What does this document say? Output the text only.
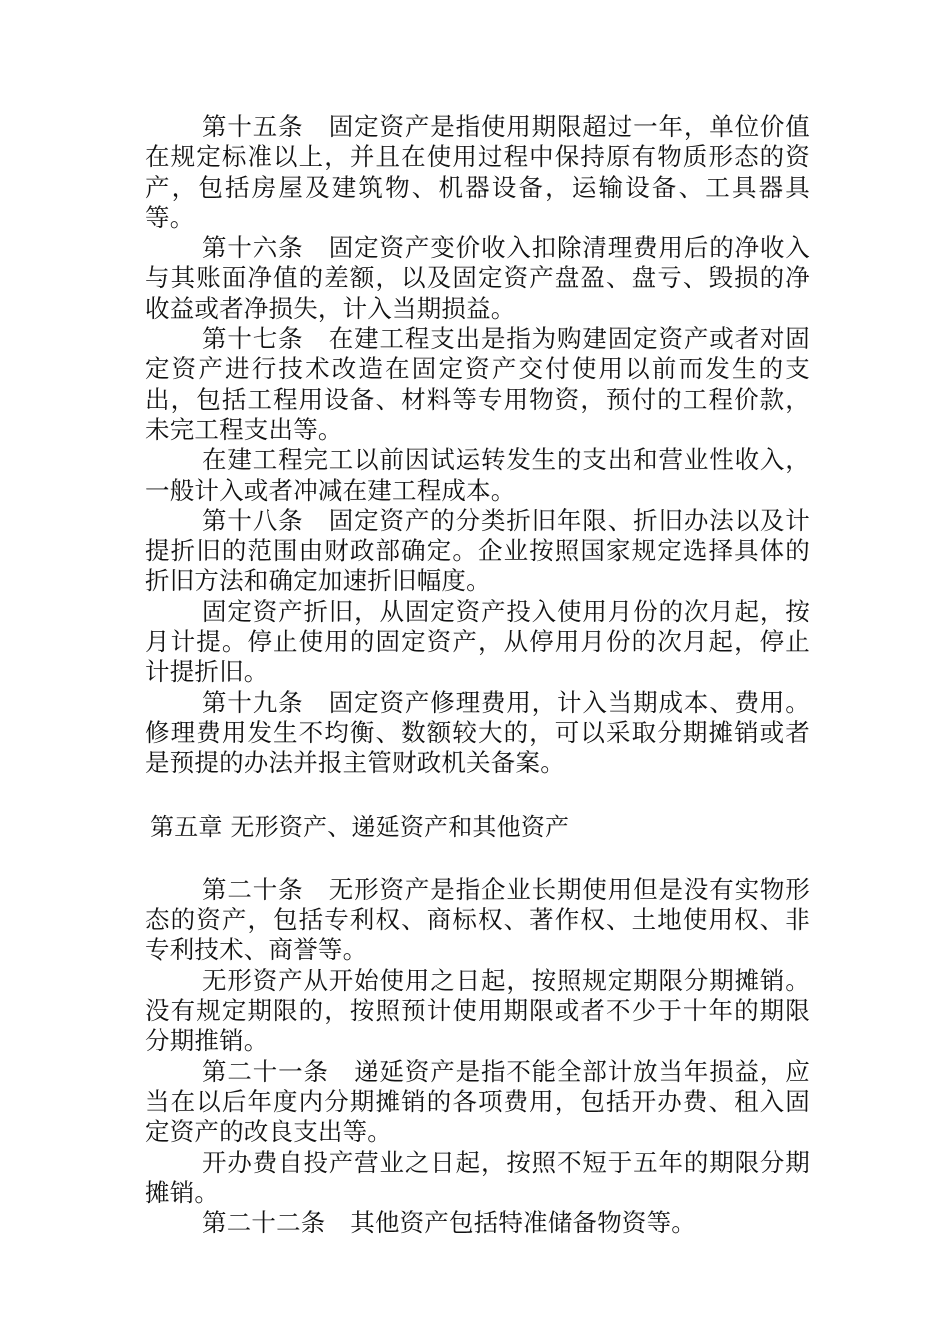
第十五条　固定资产是指使用期限超过一年，单位价值在规定标准以上，并且在使用过程中保持原有物质形态的资产，包括房屋及建筑物、机器设备，运输设备、工具器具等。

第十六条　固定资产变价收入扣除清理费用后的净收入与其账面净值的差额，以及固定资产盘盈、盘亏、毁损的净收益或者净损失，计入当期损益。

第十七条　在建工程支出是指为购建固定资产或者对固定资产进行技术改造在固定资产交付使用以前而发生的支出，包括工程用设备、材料等专用物资，预付的工程价款，未完工程支出等。

在建工程完工以前因试运转发生的支出和营业性收入，一般计入或者冲减在建工程成本。

第十八条　固定资产的分类折旧年限、折旧办法以及计提折旧的范围由财政部确定。企业按照国家规定选择具体的折旧方法和确定加速折旧幅度。

固定资产折旧，从固定资产投入使用月份的次月起，按月计提。停止使用的固定资产，从停用月份的次月起，停止计提折旧。

第十九条　固定资产修理费用，计入当期成本、费用。修理费用发生不均衡、数额较大的，可以采取分期摊销或者是预提的办法并报主管财政机关备案。

第五章 无形资产、递延资产和其他资产

第二十条　无形资产是指企业长期使用但是没有实物形态的资产，包括专利权、商标权、著作权、土地使用权、非专利技术、商誉等。

无形资产从开始使用之日起，按照规定期限分期摊销。没有规定期限的，按照预计使用期限或者不少于十年的期限分期推销。

第二十一条　递延资产是指不能全部计放当年损益，应当在以后年度内分期摊销的各项费用，包括开办费、租入固定资产的改良支出等。

开办费自投产营业之日起，按照不短于五年的期限分期摊销。

第二十二条　其他资产包括特准储备物资等。
